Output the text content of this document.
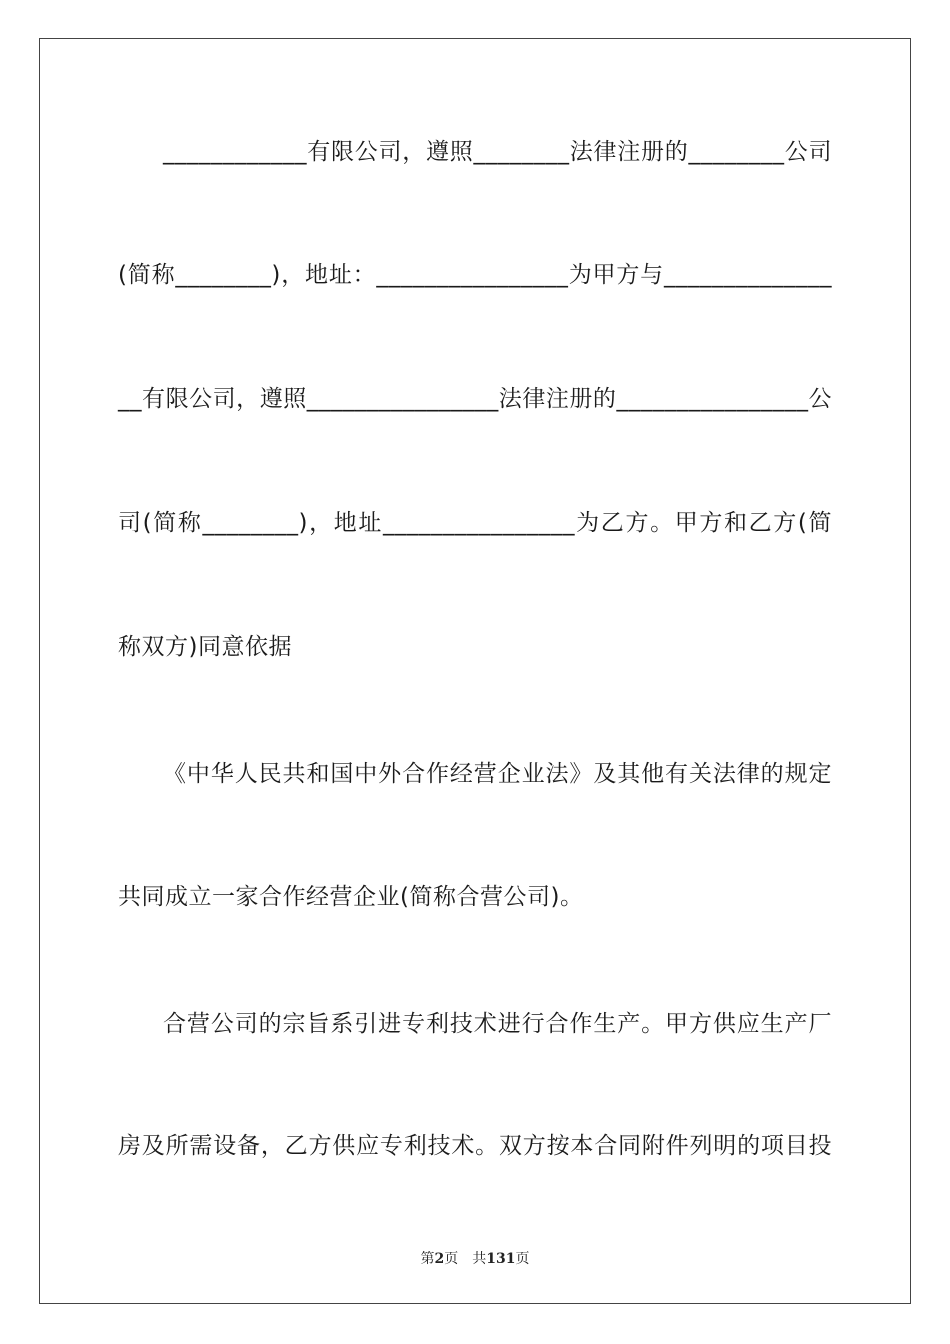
____________有限公司，遵照________法律注册的________公司
(简称________)，地址：________________为甲方与______________
__有限公司，遵照________________法律注册的________________公
司(简称________)，地址________________为乙方。甲方和乙方(简
称双方)同意依据
《中华人民共和国中外合作经营企业法》及其他有关法律的规定
共同成立一家合作经营企业(简称合营公司)。
合营公司的宗旨系引进专利技术进行合作生产。甲方供应生产厂
房及所需设备，乙方供应专利技术。双方按本合同附件列明的项目投
第2页 共131页
